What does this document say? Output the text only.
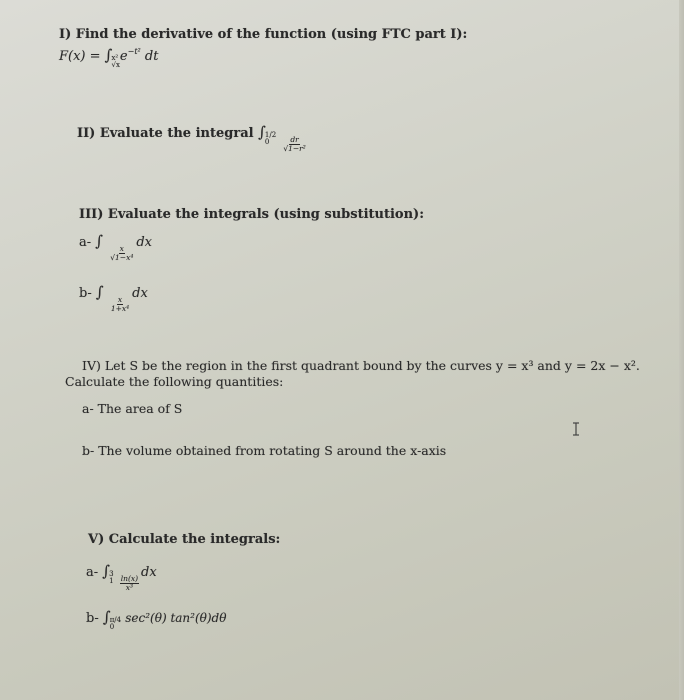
I) Find the derivative of the function (using FTC part I):
F(x) = ∫ x²
√x
$e^{-t^2}$ dt
II) Evaluate the integral ∫ 1/2
0
	$\frac{dr}{\text{√1−r²}}$
III) Evaluate the integrals (using substitution):
a- ∫
$\frac{x}{\text{√1−x⁴}}$
dx
b- ∫
$\frac{x}{\text{1+x⁴}}$
dx
IV) Let S be the region in the first quadrant bound by the curves y = x³ and y = 2x − x².
Calculate the following quantities:
a- The area of S
b- The volume obtained from rotating S around the x-axis
V) Calculate the integrals:
a- ∫ 3
1
$\frac{\ln(x)}{\text{x³}}$
dx
b- ∫ π/4
0
sec²(θ) tan²(θ)dθ
